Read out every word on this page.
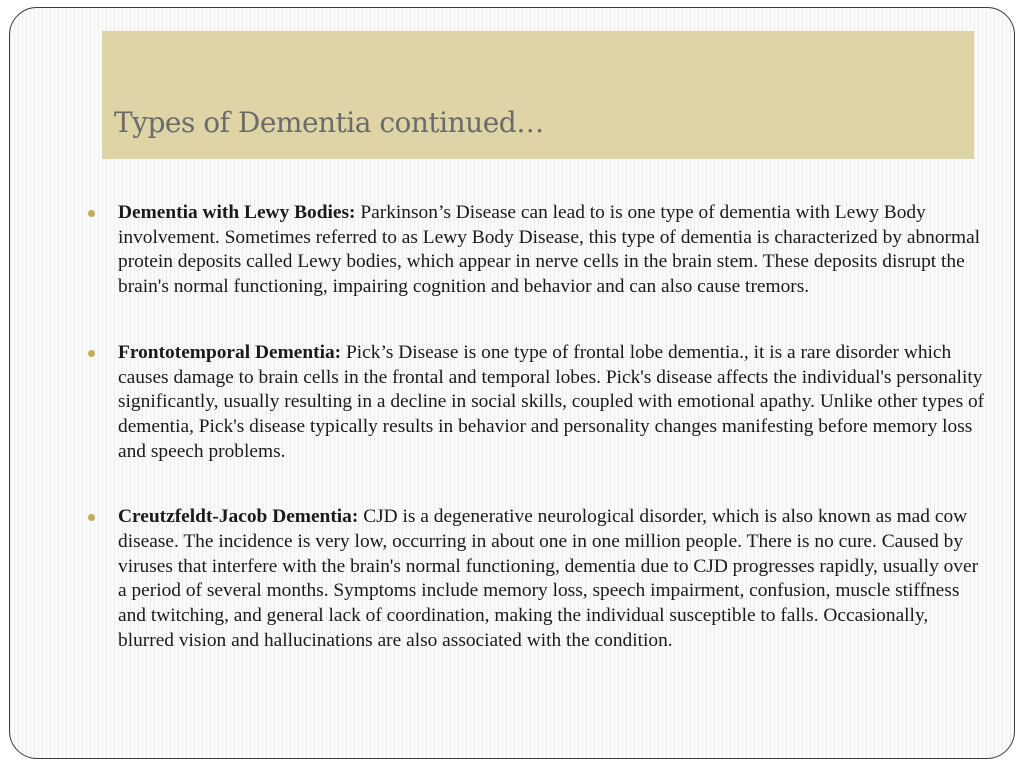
Types of Dementia continued…
Dementia with Lewy Bodies: Parkinson’s Disease can lead to is one type of dementia with Lewy Body involvement. Sometimes referred to as Lewy Body Disease, this type of dementia is characterized by abnormal protein deposits called Lewy bodies, which appear in nerve cells in the brain stem. These deposits disrupt the brain's normal functioning, impairing cognition and behavior and can also cause tremors.
Frontotemporal Dementia: Pick’s Disease is one type of frontal lobe dementia., it is a rare disorder which causes damage to brain cells in the frontal and temporal lobes. Pick's disease affects the individual's personality significantly, usually resulting in a decline in social skills, coupled with emotional apathy. Unlike other types of dementia, Pick's disease typically results in behavior and personality changes manifesting before memory loss and speech problems.
Creutzfeldt-Jacob Dementia: CJD is a degenerative neurological disorder, which is also known as mad cow disease. The incidence is very low, occurring in about one in one million people. There is no cure. Caused by viruses that interfere with the brain's normal functioning, dementia due to CJD progresses rapidly, usually over a period of several months. Symptoms include memory loss, speech impairment, confusion, muscle stiffness and twitching, and general lack of coordination, making the individual susceptible to falls. Occasionally, blurred vision and hallucinations are also associated with the condition.
